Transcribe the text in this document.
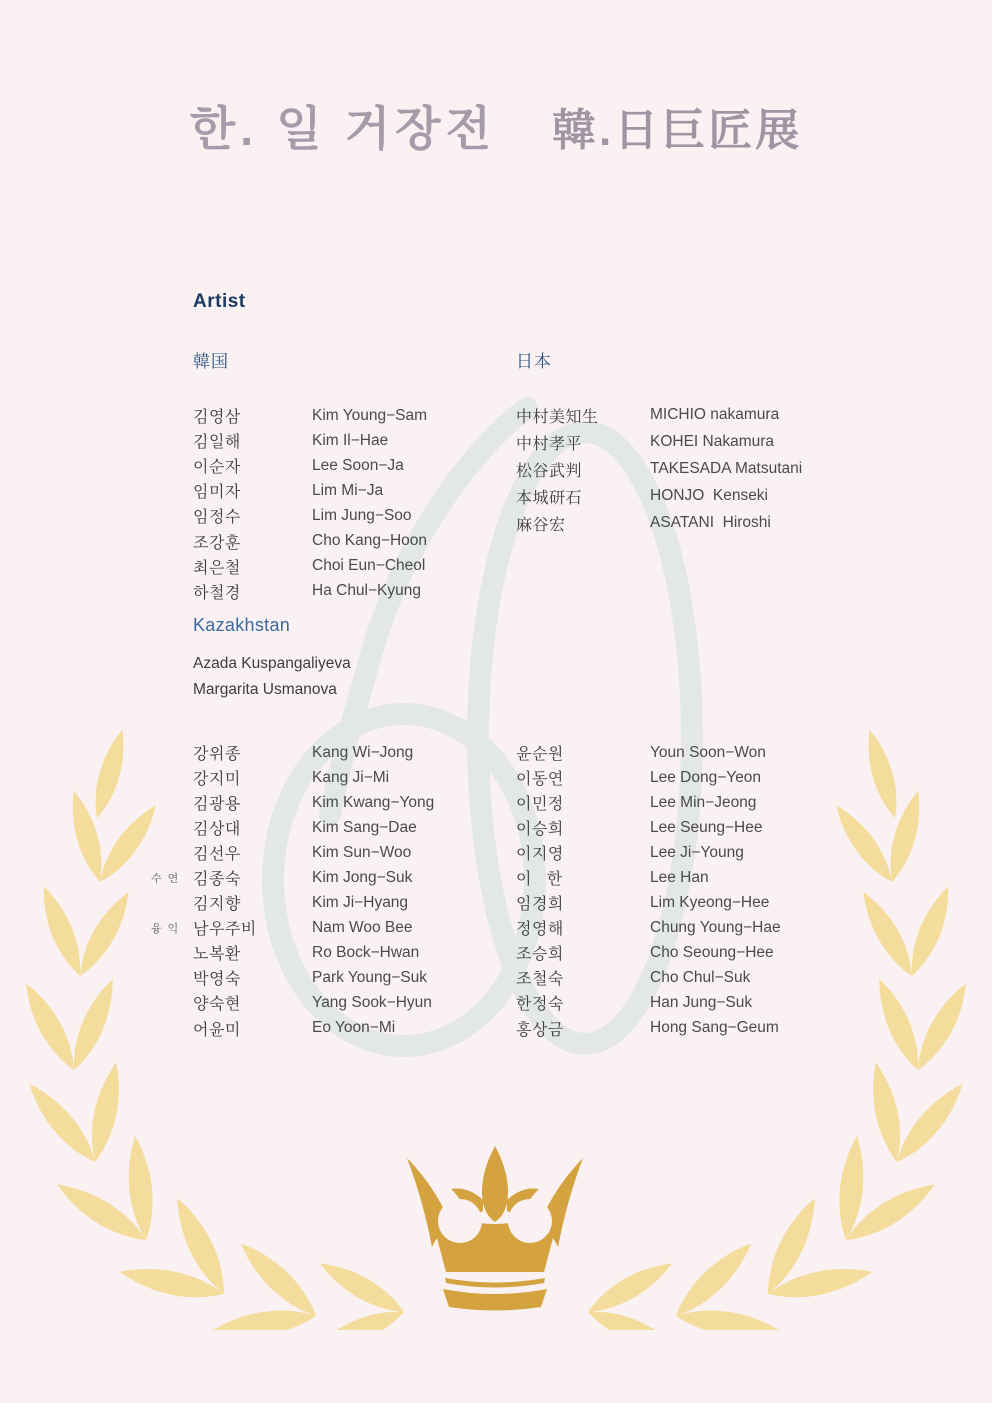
한. 일 거장전 韓.日巨匠展
Artist
韓国	日本
김영삼	Kim Young−Sam
김일해	Kim Il−Hae
이순자	Lee Soon−Ja
임미자	Lim Mi−Ja
임정수	Lim Jung−Soo
조강훈	Cho Kang−Hoon
최은철	Choi Eun−Cheol
하철경	Ha Chul−Kyung
中村美知生	MICHIO nakamura
中村孝平	KOHEI Nakamura
松谷武判	TAKESADA Matsutani
本城研石	HONJO  Kenseki
麻谷宏	ASATANI  Hiroshi
Kazakhstan
Azada Kuspangaliyeva
Margarita Usmanova
강위종	Kang Wi−Jong
강지미	Kang Ji−Mi
김광용	Kim Kwang−Yong
김상대	Kim Sang−Dae
김선우	Kim Sun−Woo
수 연 김종숙	Kim Jong−Suk
김지향	Kim Ji−Hyang
융 익 남우주비	Nam Woo Bee
노복환	Ro Bock−Hwan
박영숙	Park Young−Suk
양숙현	Yang Sook−Hyun
어윤미	Eo Yoon−Mi
윤순원	Youn Soon−Won
이동연	Lee Dong−Yeon
이민정	Lee Min−Jeong
이승희	Lee Seung−Hee
이지영	Lee Ji−Young
이   한	Lee Han
임경희	Lim Kyeong−Hee
정영해	Chung Young−Hae
조승희	Cho Seoung−Hee
조철숙	Cho Chul−Suk
한정숙	Han Jung−Suk
홍상금	Hong Sang−Geum
